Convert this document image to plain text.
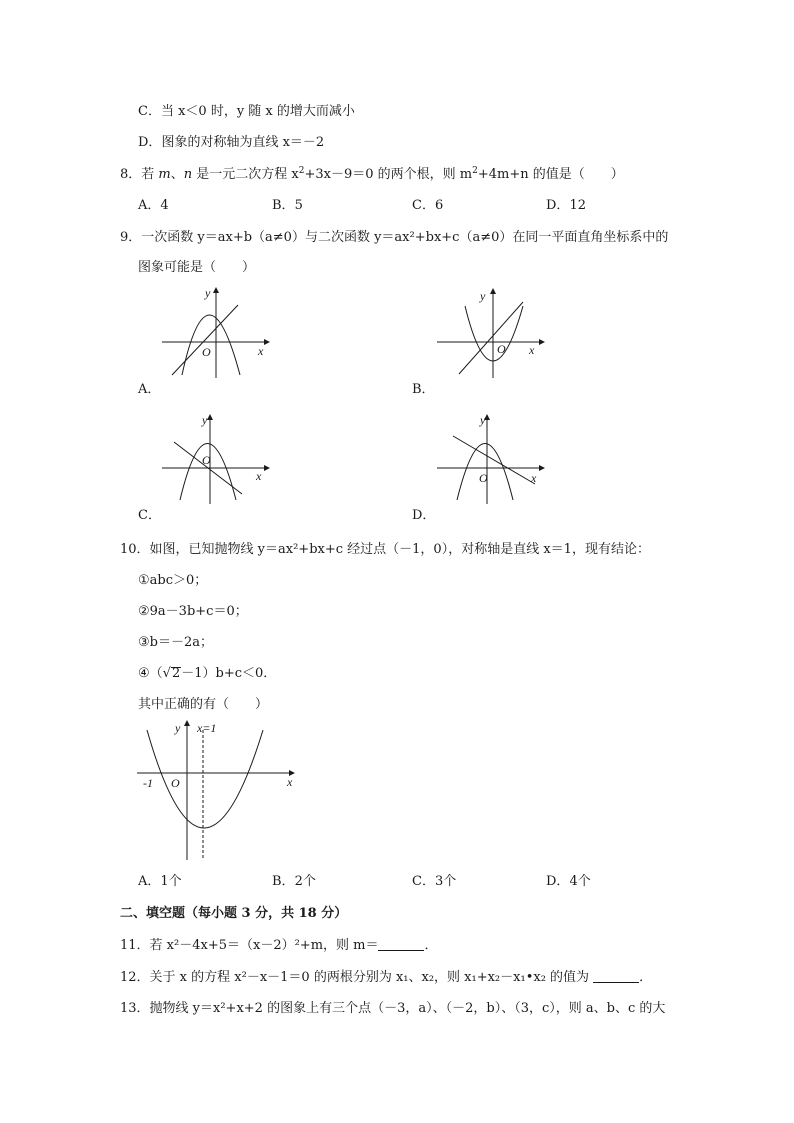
C．当 x＜0 时，y 随 x 的增大而减小
D．图象的对称轴为直线 x＝－2
8．若 m、n 是一元二次方程 $x^2+3x-9=0$ 的两个根，则 $m^2+4m+n$ 的值是（　　）
A．4	B．5	C．6	D．12
9．一次函数 y＝ax+b（a≠0）与二次函数 y＝ax²+bx+c（a≠0）在同一平面直角坐标系中的
图象可能是（　　）
y
x
O
A．
y
x
O
B．
y
x
O
C．
y
x
O
D．
10．如图，已知抛物线 y＝ax²+bx+c 经过点（－1，0），对称轴是直线 x＝1，现有结论：
①abc＞0；
②9a－3b+c＝0；
③b＝－2a；
④（√2－1）b+c＜0．
其中正确的有（　　）
y x=1
x
O
-1
A．1个	B．2个	C．3个	D．4个
二、填空题（每小题 3 分，共 18 分）
11．若 x²－4x+5＝（x－2）²+m，则 m＝	．
12．关于 x 的方程 x²－x－1＝0 的两根分别为 x₁、x₂，则 x₁+x₂－x₁•x₂ 的值为	．
13．抛物线 y＝x²+x+2 的图象上有三个点（－3，a）、（－2，b）、（3，c），则 a、b、c 的大
